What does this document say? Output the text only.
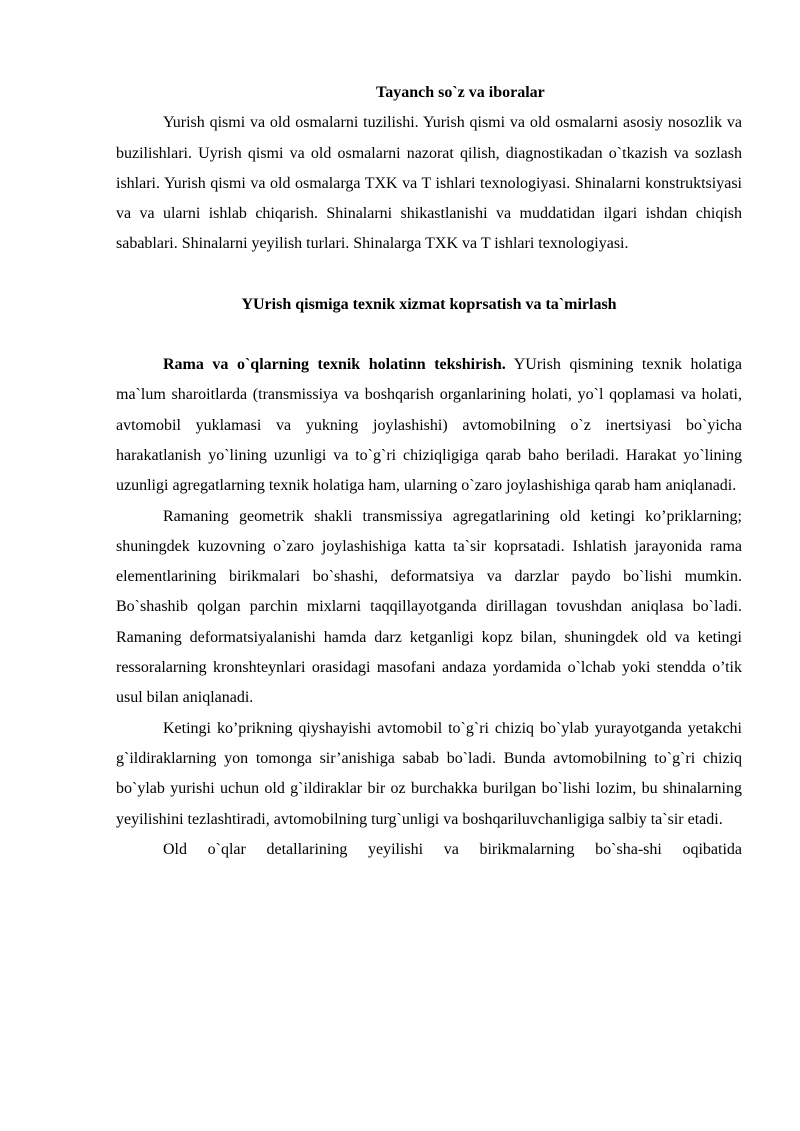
Tayanch so`z va iboralar

Yurish qismi va old osmalarni tuzilishi. Yurish qismi va old osmalarni asosiy nosozlik va buzilishlari. Uyrish qismi va old osmalarni nazorat qilish, diagnostikadan o`tkazish va sozlash ishlari. Yurish qismi va old osmalarga TXK va T ishlari texnologiyasi. Shinalarni konstruktsiyasi va va ularni ishlab chiqarish. Shinalarni shikastlanishi va muddatidan ilgari ishdan chiqish sabablari. Shinalarni yeyilish turlari. Shinalarga TXK va T ishlari texnologiyasi.

YUrish qismiga texnik xizmat koprsatish va ta`mirlash

Rama va o`qlarning texnik holatinn tekshirish. YUrish qismining texnik holatiga ma`lum sharoitlarda (transmissiya va boshqarish organlarining holati, yo`l qoplamasi va holati, avtomobil yuklamasi va yukning joylashishi) avtomobilning o`z inertsiyasi bo`yicha harakatlanish yo`lining uzunligi va to`g`ri chiziqligiga qarab baho beriladi. Harakat yo`lining uzunligi agregatlarning texnik holatiga ham, ularning o`zaro joylashishiga qarab ham aniqlanadi.

Ramaning geometrik shakli transmissiya agregatlarining old ketingi ko’priklarning; shuningdek kuzovning o`zaro joylashishiga katta ta`sir koprsatadi. Ishlatish jarayonida rama elementlarining birikmalari bo`shashi, deformatsiya va darzlar paydo bo`lishi mumkin. Bo`shashib qolgan parchin mixlarni taqqillayotganda dirillagan tovushdan aniqlasa bo`ladi. Ramaning deformatsiyalanishi hamda darz ketganligi kopz bilan, shuningdek old va ketingi ressoralarning kronshteynlari orasidagi masofani andaza yordamida o`lchab yoki stendda o’tik usul bilan aniqlanadi.

Ketingi ko’prikning qiyshayishi avtomobil to`g`ri chiziq bo`ylab yurayotganda yetakchi g`ildiraklarning yon tomonga sir’anishiga sabab bo`ladi. Bunda avtomobilning to`g`ri chiziq bo`ylab yurishi uchun old g`ildiraklar bir oz burchakka burilgan bo`lishi lozim, bu shinalarning yeyilishini tezlashtiradi, avtomobilning turg`unligi va boshqariluvchanligiga salbiy ta`sir etadi.

Old o`qlar detallarining yeyilishi va birikmalarning bo`sha-shi oqibatida
